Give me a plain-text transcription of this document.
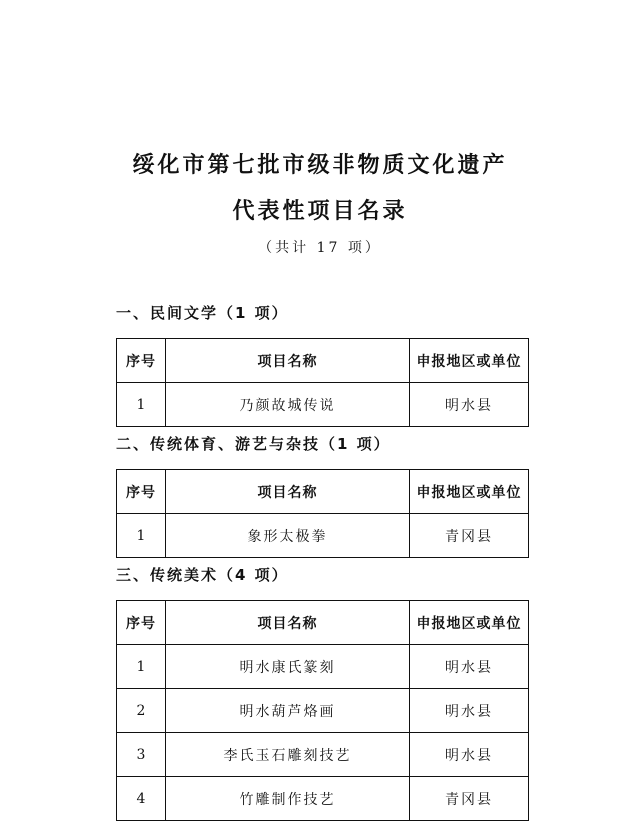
绥化市第七批市级非物质文化遗产
代表性项目名录
（共计 17 项）
一、民间文学（1 项）
序号	项目名称	申报地区或单位
1	乃颜故城传说	明水县
二、传统体育、游艺与杂技（1 项）
序号	项目名称	申报地区或单位
1	象形太极拳	青冈县
三、传统美术（4 项）
序号	项目名称	申报地区或单位
1	明水康氏篆刻	明水县
2	明水葫芦烙画	明水县
3	李氏玉石雕刻技艺	明水县
4	竹雕制作技艺	青冈县
